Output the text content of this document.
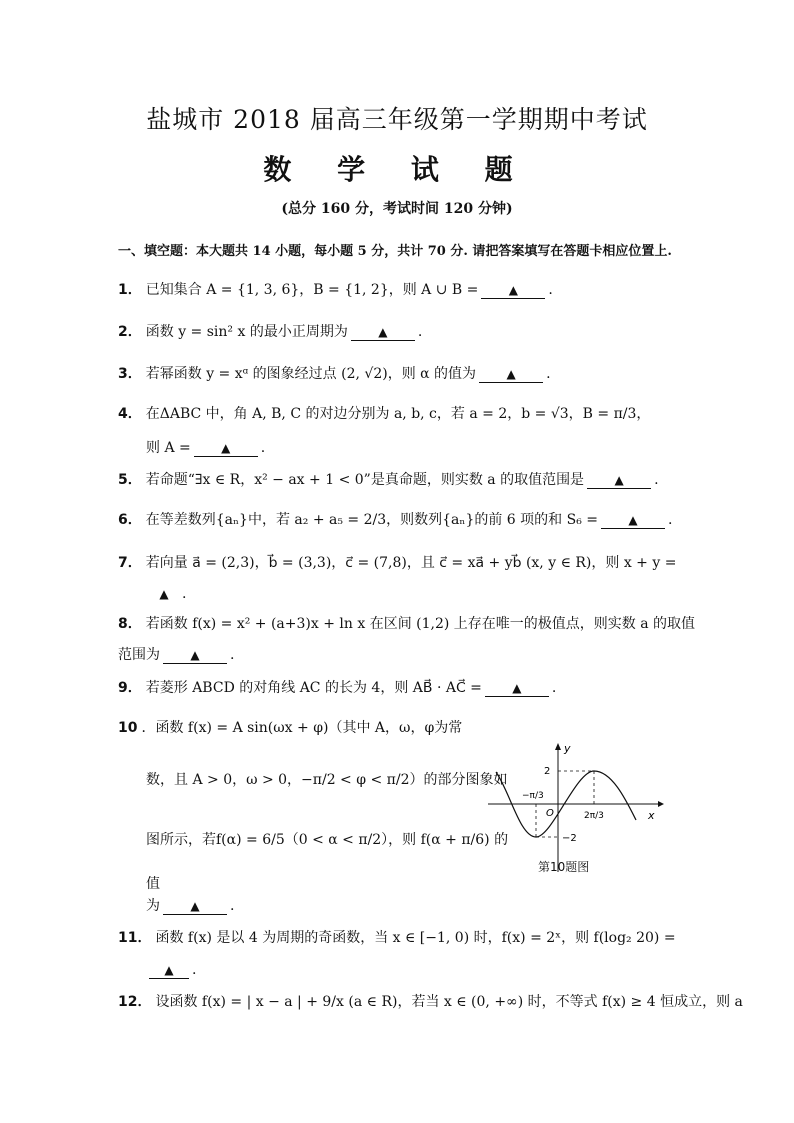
盐城市 2018 届高三年级第一学期期中考试
数 学 试 题
(总分 160 分，考试时间 120 分钟)
一、填空题：本大题共 14 小题，每小题 5 分，共计 70 分. 请把答案填写在答题卡相应位置上.
1． 已知集合 A = {1, 3, 6}，B = {1, 2}，则 A ∪ B =	▲ .
2． 函数 y = sin² x 的最小正周期为	▲ .
3． 若幂函数 y = xᵅ 的图象经过点 (2, √2)，则 α 的值为	▲ .
4． 在ΔABC 中，角 A, B, C 的对边分别为 a, b, c，若 a = 2，b = √3，B = π/3，
则 A =	▲ .
5． 若命题“∃x ∈ R，x² − ax + 1 < 0”是真命题，则实数 a 的取值范围是	▲ .
6． 在等差数列{aₙ}中，若 a₂ + a₅ = 2/3，则数列{aₙ}的前 6 项的和 S₆ =	▲ .
7． 若向量 a⃗ = (2,3)，b⃗ = (3,3)，c⃗ = (7,8)，且 c⃗ = xa⃗ + yb⃗ (x, y ∈ R)，则 x + y =
▲ .
8． 若函数 f(x) = x² + (a+3)x + ln x 在区间 (1,2) 上存在唯一的极值点，则实数 a 的取值
范围为	▲ .
9． 若菱形 ABCD 的对角线 AC 的长为 4，则 AB⃗ · AC⃗ =	▲ .
10 ．函数 f(x) = A sin(ωx + φ)（其中 A，ω，φ为常
数，且 A > 0，ω > 0，−π/2 < φ < π/2）的部分图象如
图所示，若f(α) = 6/5（0 < α < π/2），则 f(α + π/6) 的
值
为	▲ .
y
x
O
2
−2
−π/3
2π/3
第10题图
11． 函数 f(x) 是以 4 为周期的奇函数，当 x ∈ [−1, 0) 时，f(x) = 2ˣ，则 f(log₂ 20) =
▲ .
12． 设函数 f(x) = | x − a | + 9/x (a ∈ R)，若当 x ∈ (0, +∞) 时，不等式 f(x) ≥ 4 恒成立，则 a
